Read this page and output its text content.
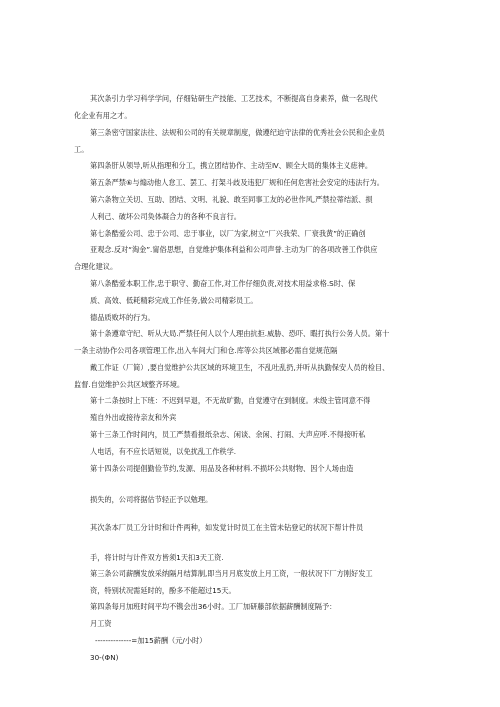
其次条引力学习科学学问，仔细钻研生产技能、工艺技术，不断提高自身素养，做一名现代
化企业有用之才。
第三条密守国家法往、法规和公司的有关规章制度，做遵纪迫守法律的优秀社会公民和企业员
工。
第四条肝从领导,听从指理和分工，携立团结协作、主动至Ⅳ、顾全大局的集体主义痣神。
第五条严禁⑥与煽动他人怠工、罢工、打架斗歧及违犯厂规和任何危害社会安定的违法行为。
第六条物立关切、互助、团结、文明、礼貌、敢至同事工友的必世作风,严禁拉蒂结派、损
人利己、破坏公司奂体凝合力的各种不良言行。
第七条酷爱公司、忠于公司、忠于事业，以厂为家,树立“厂兴我荣、厂衰我黄”的正确创
亚观念.反对“淘金”.甯俗思想，自觉维护集体利益和公司声誉.主动为厂的各项改善工作供应
合理化建议。
第八条酷爱本职工作,忠于职守、勤奋工作,对工作仔细负责,对技术用益求格.S时、保
质、高效、低耗精彩完成工作任务,做公司精彩员工。
德品质败坏的行为。
第十条遵章守纪、听从大局.严禁任何人以个人理由抗拒.威胁、恐吓、暇打执行公务人员。第十
一条主动协作公司各项管理工作,出入车间大门和仓.库等公共区域都必需自觉规范隔
戴工作证（厂简）,要自觉维护公共区域的环境卫生，不乱吐乱扔,并听从执勤保安人员的检目、
监督.自觉维护公共区域整齐环境。
第十二条按时上下班：不迟到早退，不无故旷勤，自觉遵守在到制度。未级主管同意不得
殖自外出或接待亲友和外宾
第十三条工作时间内，员工严禁看报纸杂志、闲谈、余闲、打闹、大声应呼.不得接听私
人电话，有不应长话短说，以免扰乱工作秩学.
第十四条公司提倡勤俭节约,发源、用品及各种材料.不损坏公共财物、因个人场由造
损失的，公司将据估节轻正予以勉理。
其次条本厂员工分计时和计件两种，如发觉计时员工在主管未钻登记的状况下帮计件员
手，将计时与计件双方皆须1天扣3天工资.
第三条公司薪酬发放采纳隔月结算制,即当月月底发放上月工资，一般状况下厂方刚好发工
资，特别状况需延时的，酚多不能超过15天。
第四条每月加班时间平均不镌会出36小时。工厂加研藤部依据薪酬制度隔予：
月工资
--------------=加15薪酬（元/小时）
30-(ΦΝ)
